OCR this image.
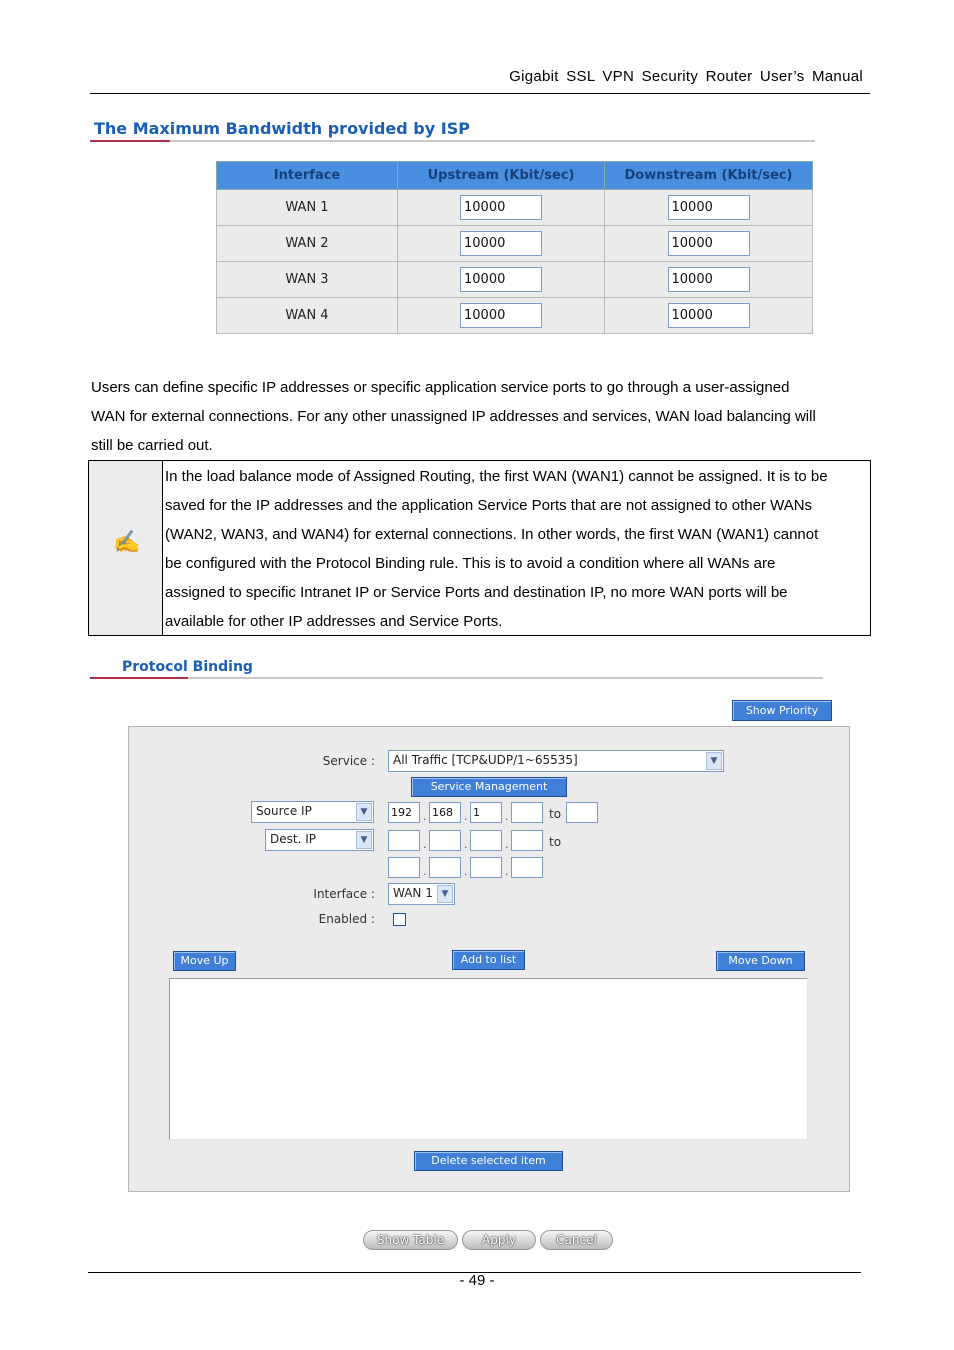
Gigabit SSL VPN Security Router User’s Manual
The Maximum Bandwidth provided by ISP
Interface	Upstream (Kbit/sec)	Downstream (Kbit/sec)
WAN 1	10000	10000
WAN 2	10000	10000
WAN 3	10000	10000
WAN 4	10000	10000
Users can define specific IP addresses or specific application service ports to go through a user-assigned
WAN for external connections. For any other unassigned IP addresses and services, WAN load balancing will
still be carried out.
✍
In the load balance mode of Assigned Routing, the first WAN (WAN1) cannot be assigned. It is to be
saved for the IP addresses and the application Service Ports that are not assigned to other WANs
(WAN2, WAN3, and WAN4) for external connections. In other words, the first WAN (WAN1) cannot
be configured with the Protocol Binding rule. This is to avoid a condition where all WANs are
assigned to specific Intranet IP or Service Ports and destination IP, no more WAN ports will be
available for other IP addresses and Service Ports.
Protocol Binding
Show Priority
Service :	All Traffic [TCP&UDP/1~65535]	▼
Service Management
Source IP	▼	192	. 168	. 1	.	to
Dest. IP	▼	.	.	.	to
.	.	.
Interface :	WAN 1 ▼
Enabled :
Move Up	Add to list	Move Down
Delete selected item
Show Table	Apply	Cancel
- 49 -
